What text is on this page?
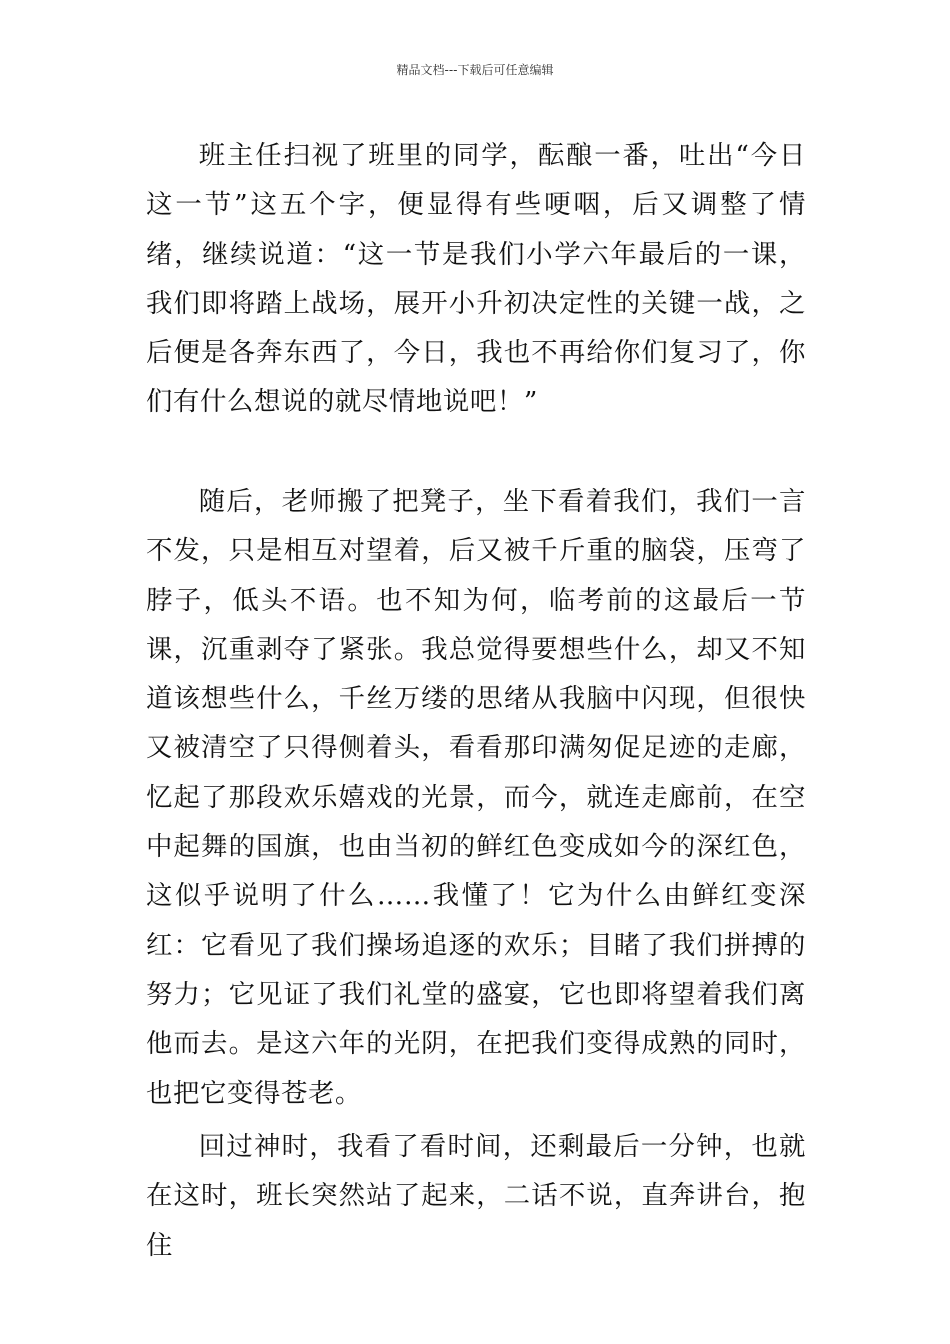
精品文档---下载后可任意编辑

班主任扫视了班里的同学，酝酿一番，吐出“今日这一节”这五个字，便显得有些哽咽，后又调整了情绪，继续说道：“这一节是我们小学六年最后的一课，我们即将踏上战场，展开小升初决定性的关键一战，之后便是各奔东西了，今日，我也不再给你们复习了，你们有什么想说的就尽情地说吧！”

随后，老师搬了把凳子，坐下看着我们，我们一言不发，只是相互对望着，后又被千斤重的脑袋，压弯了脖子，低头不语。也不知为何，临考前的这最后一节课，沉重剥夺了紧张。我总觉得要想些什么，却又不知道该想些什么，千丝万缕的思绪从我脑中闪现，但很快又被清空了只得侧着头，看看那印满匆促足迹的走廊，忆起了那段欢乐嬉戏的光景，而今，就连走廊前，在空中起舞的国旗，也由当初的鲜红色变成如今的深红色，这似乎说明了什么……我懂了！它为什么由鲜红变深红：它看见了我们操场追逐的欢乐；目睹了我们拼搏的努力；它见证了我们礼堂的盛宴，它也即将望着我们离他而去。是这六年的光阴，在把我们变得成熟的同时，也把它变得苍老。

回过神时，我看了看时间，还剩最后一分钟，也就在这时，班长突然站了起来，二话不说，直奔讲台，抱住
